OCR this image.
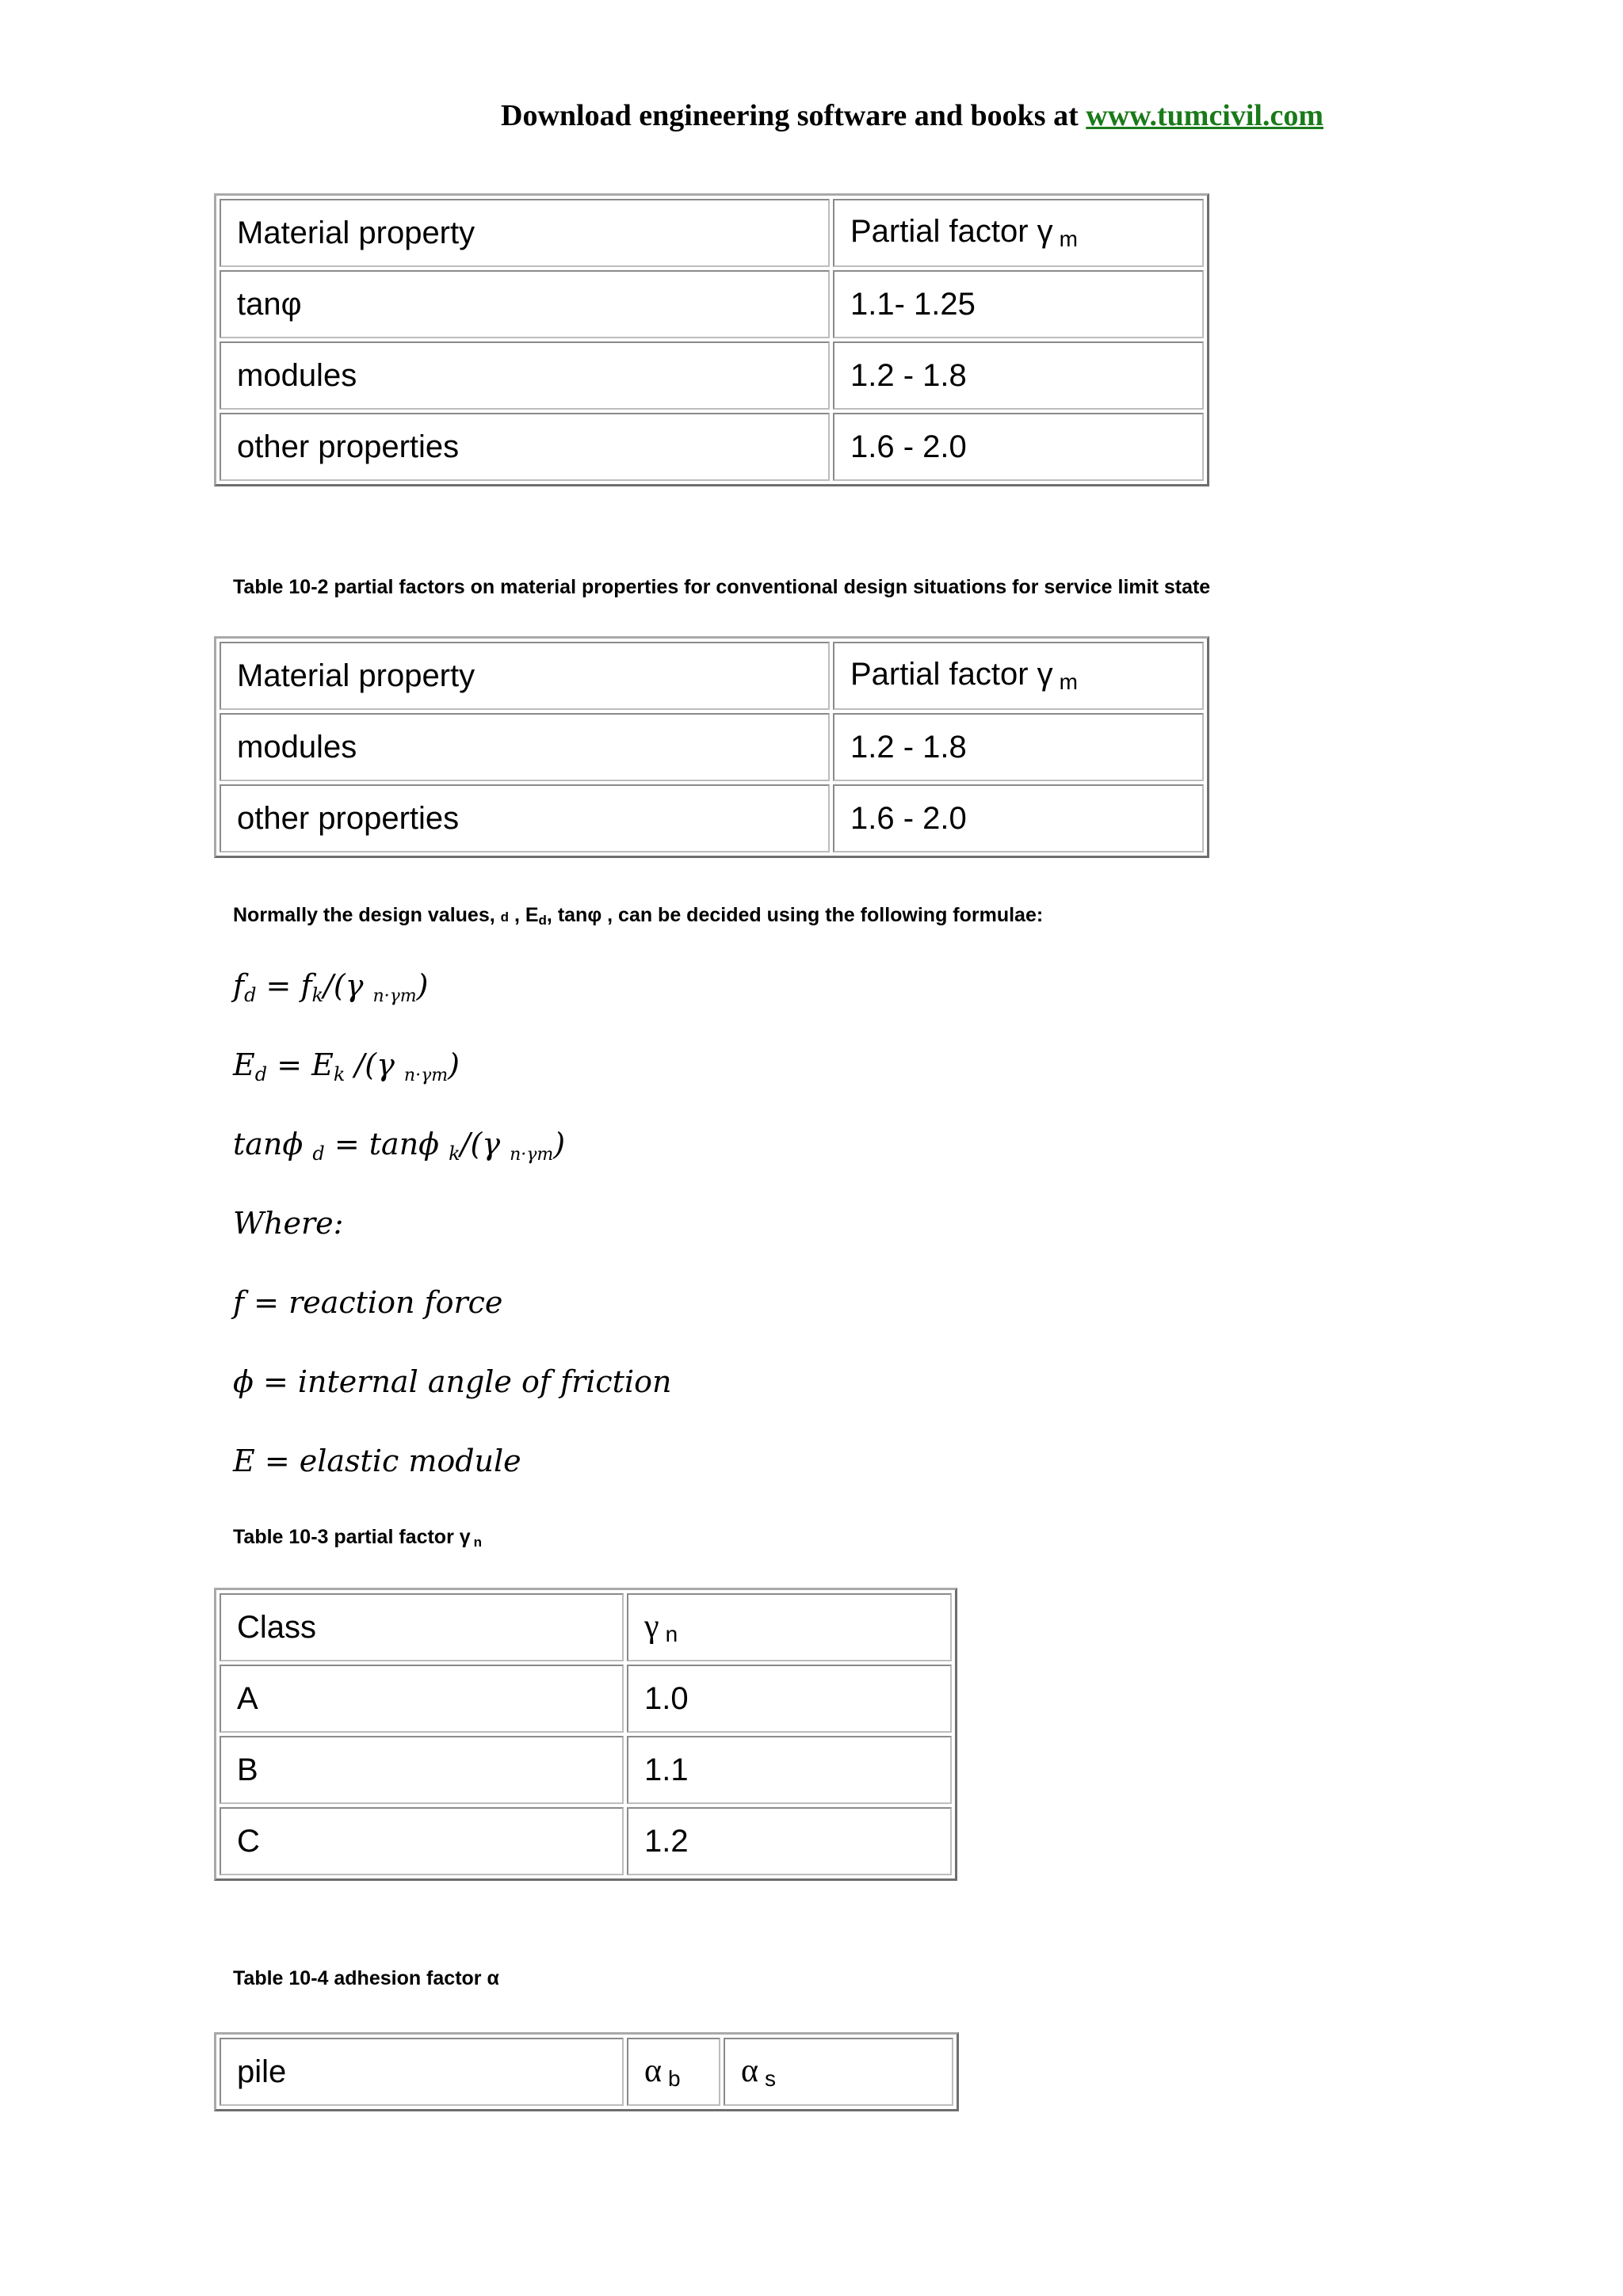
Download engineering software and books at www.tumcivil.com
Material property	Partial factor γ $_m$
tanφ	1.1- 1.25
modules	1.2 - 1.8
other properties	1.6 - 2.0
Table 10-2 partial factors on material properties for conventional design situations for service limit state
Material property	Partial factor γ $_m$
modules	1.2 - 1.8
other properties	1.6 - 2.0
Normally the design values, d , Ed, tanφ , can be decided using the following formulae:
fd = fk/(γ n·γm)
Ed = Ek /(γ n·γm)
tanϕ d = tanϕ k/(γ n·γm)
Where:
f = reaction force
ϕ = internal angle of friction
E = elastic module
Table 10-3 partial factor γ n
Class	γ $_n$
A	1.0
B	1.1
C	1.2
Table 10-4 adhesion factor α
pile	α $_b$	α $_s$
